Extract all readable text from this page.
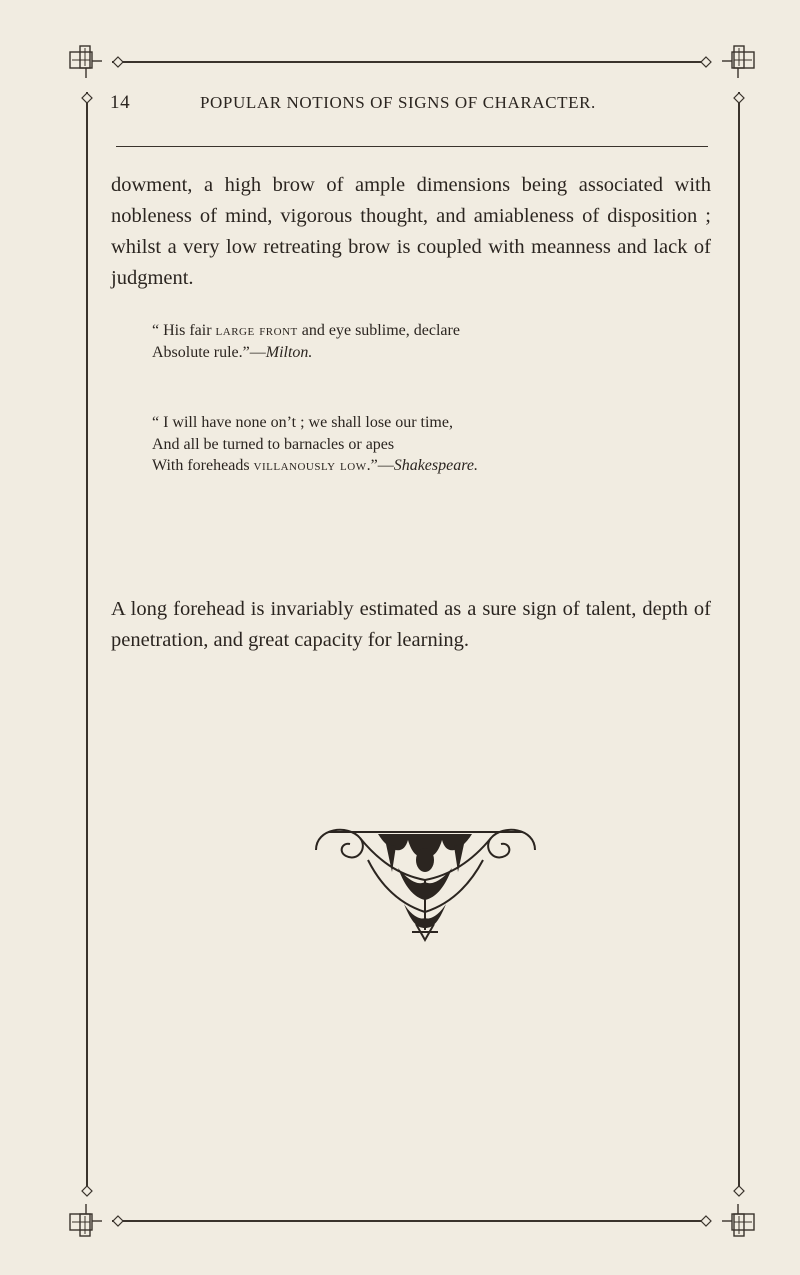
14	POPULAR NOTIONS OF SIGNS OF CHARACTER.

dowment, a high brow of ample dimensions being associated with nobleness of mind, vigorous thought, and amiableness of disposition ; whilst a very low retreating brow is coupled with meanness and lack of judgment.

“ His fair large front and eye sublime, declare
Absolute rule.”—Milton.
“ I will have none on’t ; we shall lose our time,
And all be turned to barnacles or apes
With foreheads villanously low.”—Shakespeare.

A long forehead is invariably estimated as a sure sign of talent, depth of penetration, and great capacity for learning.
